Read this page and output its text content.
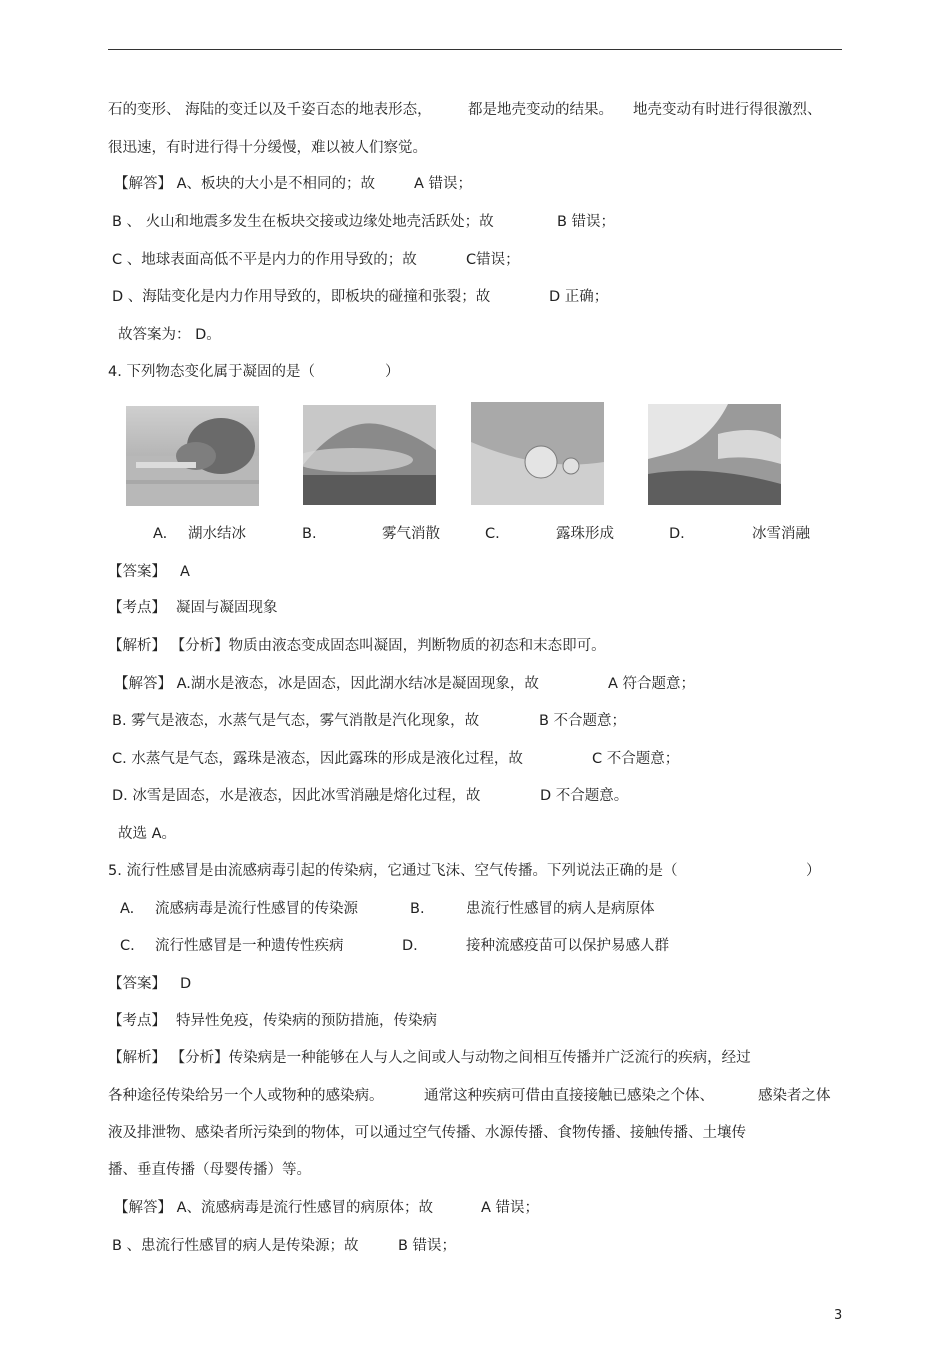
石的变形、 海陆的变迁以及千姿百态的地表形态，	都是地壳变动的结果。 地壳变动有时进行得很激烈、
很迅速，有时进行得十分缓慢，难以被人们察觉。
【解答】 A、板块的大小是不相同的；故	A 错误；
B 、 火山和地震多发生在板块交接或边缘处地壳活跃处；故	B 错误；
C 、地球表面高低不平是内力的作用导致的；故	C错误；
D 、海陆变化是内力作用导致的，即板块的碰撞和张裂；故	D 正确；
故答案为： D。
4. 下列物态变化属于凝固的是（	）
A. 湖水结冰	B.	雾气消散	C.	露珠形成	D.	冰雪消融
【答案】 A
【考点】 凝固与凝固现象
【解析】 【分析】物质由液态变成固态叫凝固，判断物质的初态和末态即可。
【解答】 A.湖水是液态，冰是固态，因此湖水结冰是凝固现象，故	A 符合题意；
B. 雾气是液态，水蒸气是气态，雾气消散是汽化现象，故	B 不合题意；
C. 水蒸气是气态，露珠是液态，因此露珠的形成是液化过程，故	C 不合题意；
D. 冰雪是固态，水是液态，因此冰雪消融是熔化过程，故	D 不合题意。
故选 A。
5. 流行性感冒是由流感病毒引起的传染病，它通过飞沫、空气传播。下列说法正确的是（	）
A. 流感病毒是流行性感冒的传染源	B.	患流行性感冒的病人是病原体
C. 流行性感冒是一种遗传性疾病	D.	接种流感疫苗可以保护易感人群
【答案】 D
【考点】 特异性免疫，传染病的预防措施，传染病
【解析】 【分析】传染病是一种能够在人与人之间或人与动物之间相互传播并广泛流行的疾病，经过
各种途径传染给另一个人或物种的感染病。	通常这种疾病可借由直接接触已感染之个体、	感染者之体
液及排泄物、感染者所污染到的物体，可以通过空气传播、水源传播、食物传播、接触传播、土壤传
播、垂直传播（母婴传播）等。
【解答】 A、流感病毒是流行性感冒的病原体；故	A 错误；
B 、患流行性感冒的病人是传染源；故	B 错误；
3
